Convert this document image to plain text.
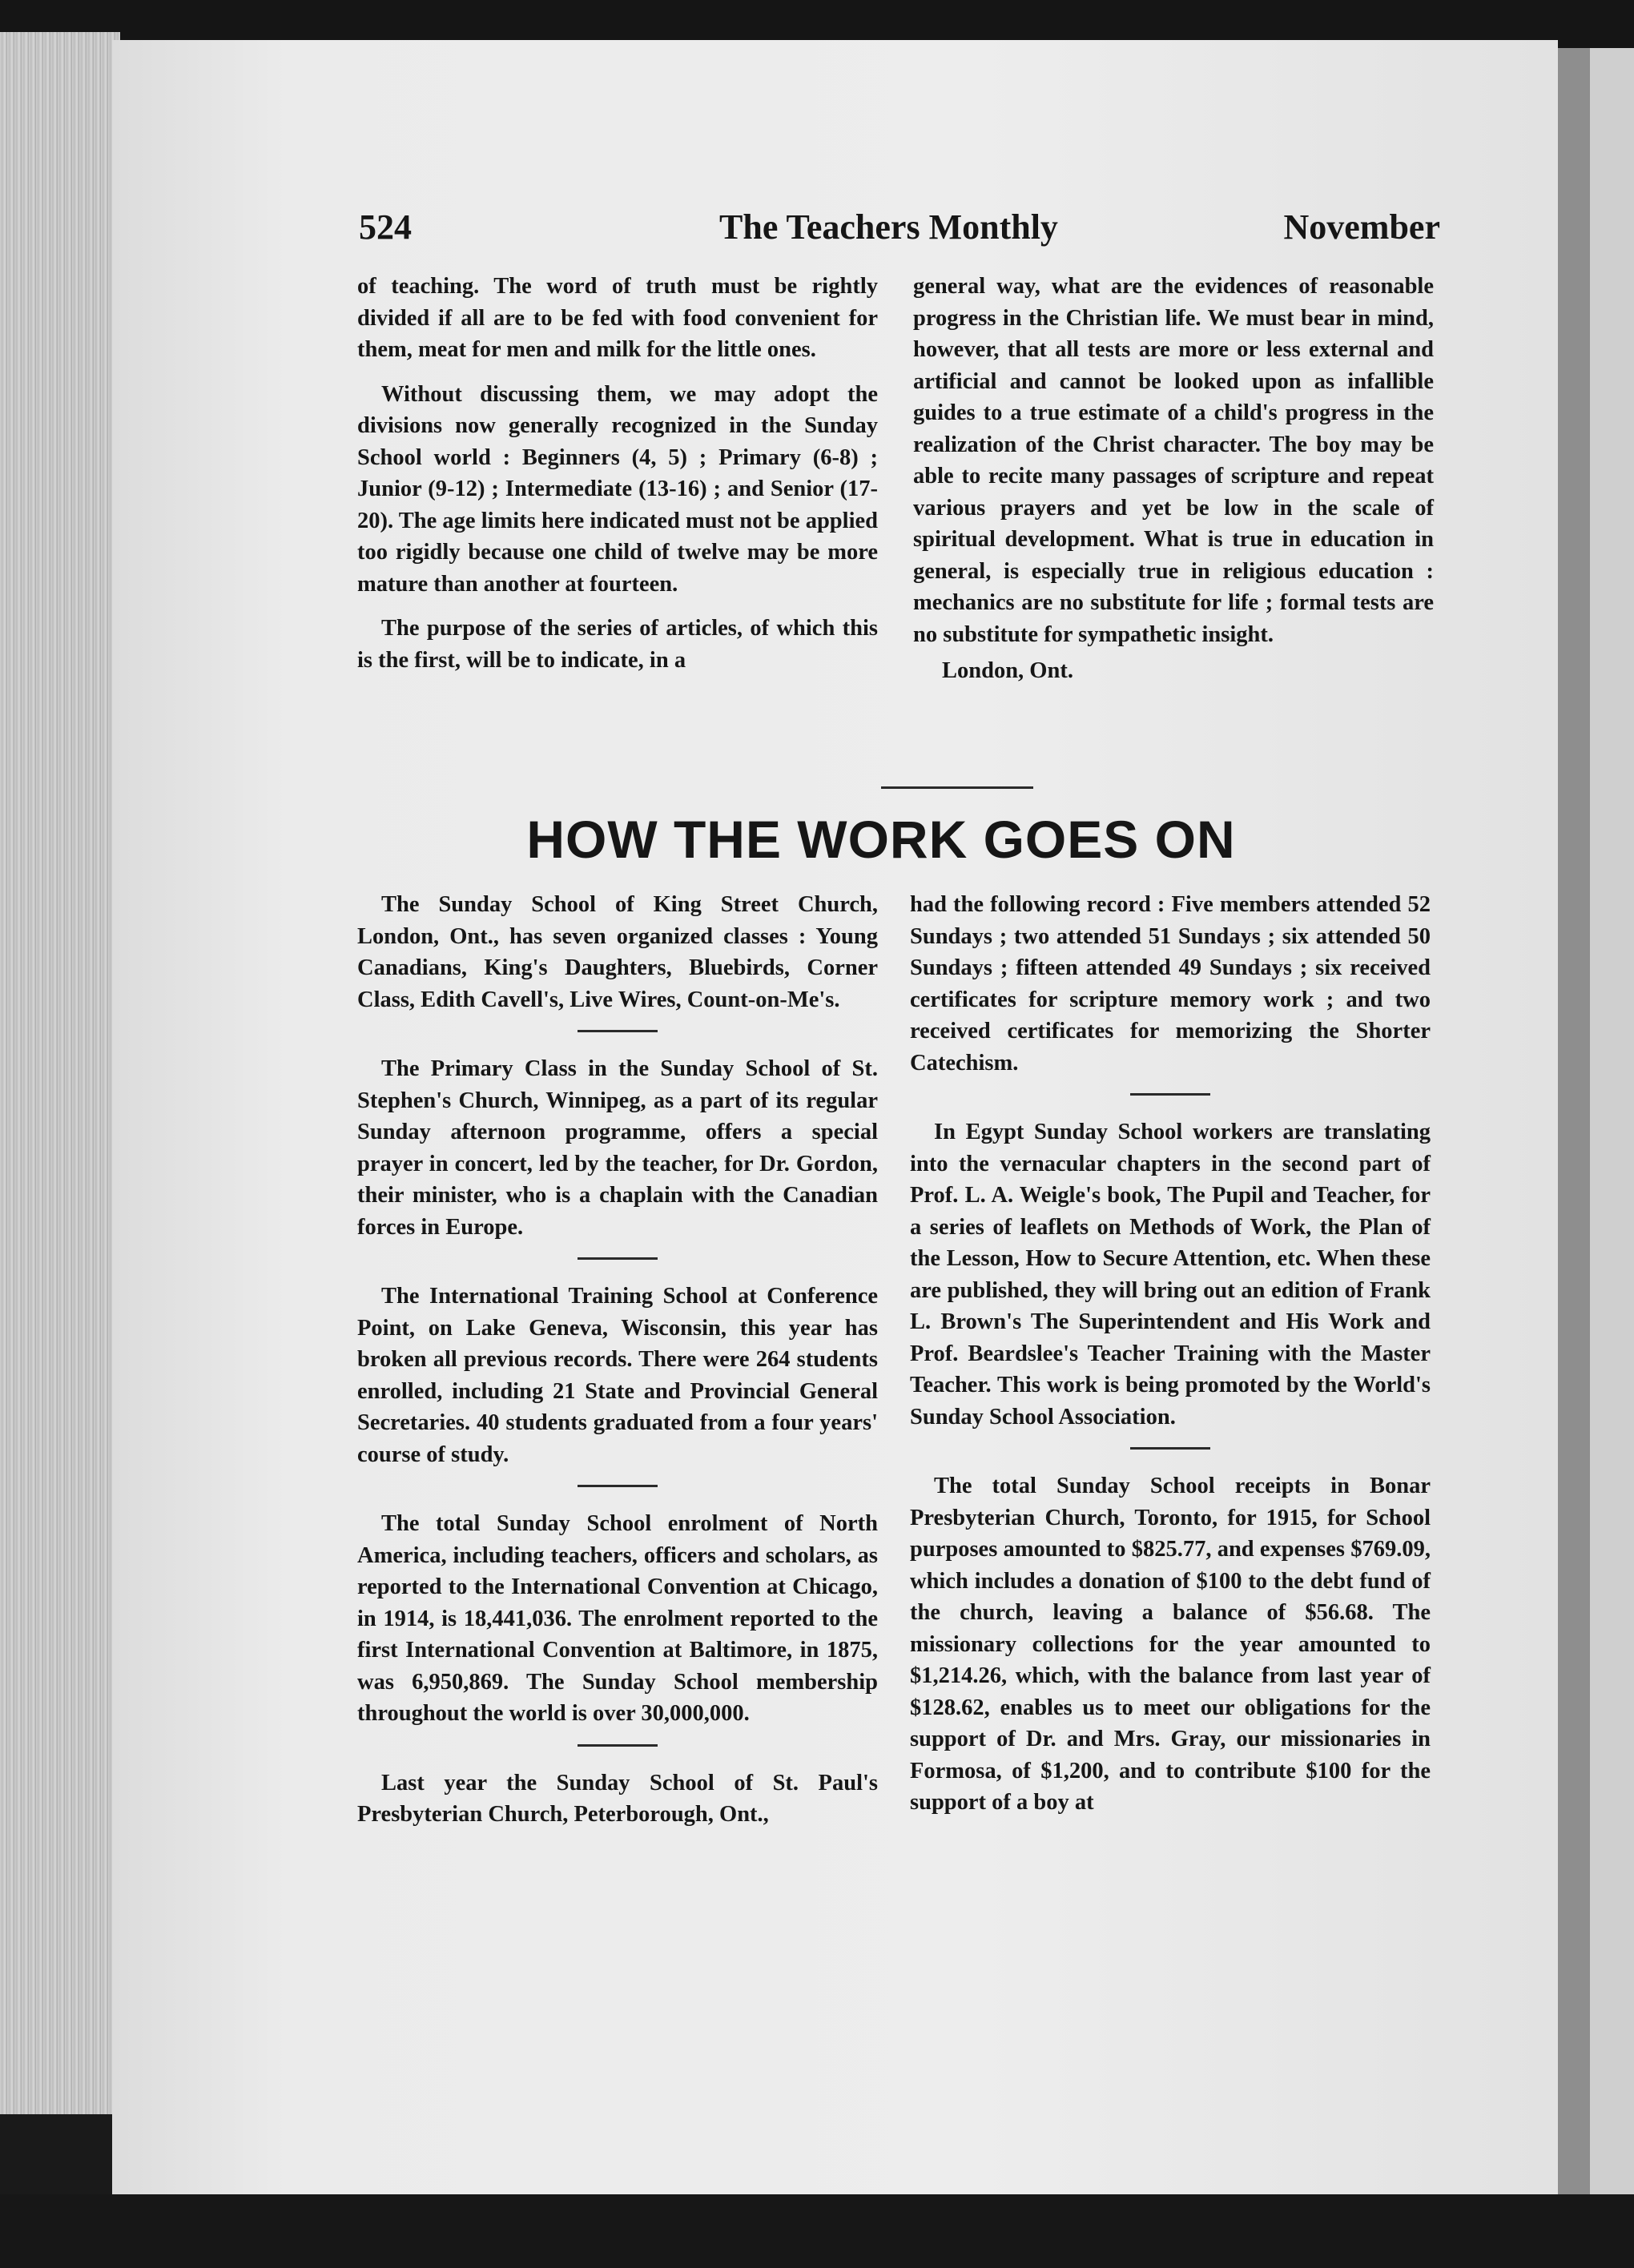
524	The Teachers Monthly	November

of teaching. The word of truth must be rightly divided if all are to be fed with food convenient for them, meat for men and milk for the little ones.

Without discussing them, we may adopt the divisions now generally recognized in the Sunday School world : Beginners (4, 5) ; Primary (6-8) ; Junior (9-12) ; Intermediate (13-16) ; and Senior (17-20). The age limits here indicated must not be applied too rigidly because one child of twelve may be more mature than another at fourteen.

The purpose of the series of articles, of which this is the first, will be to indicate, in a

general way, what are the evidences of reasonable progress in the Christian life. We must bear in mind, however, that all tests are more or less external and artificial and cannot be looked upon as infallible guides to a true estimate of a child's progress in the realization of the Christ character. The boy may be able to recite many passages of scripture and repeat various prayers and yet be low in the scale of spiritual development. What is true in education in general, is especially true in religious education : mechanics are no substitute for life ; formal tests are no substitute for sympathetic insight.

London, Ont.

HOW THE WORK GOES ON

The Sunday School of King Street Church, London, Ont., has seven organized classes : Young Canadians, King's Daughters, Bluebirds, Corner Class, Edith Cavell's, Live Wires, Count-on-Me's.

The Primary Class in the Sunday School of St. Stephen's Church, Winnipeg, as a part of its regular Sunday afternoon programme, offers a special prayer in concert, led by the teacher, for Dr. Gordon, their minister, who is a chaplain with the Canadian forces in Europe.

The International Training School at Conference Point, on Lake Geneva, Wisconsin, this year has broken all previous records. There were 264 students enrolled, including 21 State and Provincial General Secretaries. 40 students graduated from a four years' course of study.

The total Sunday School enrolment of North America, including teachers, officers and scholars, as reported to the International Convention at Chicago, in 1914, is 18,441,036. The enrolment reported to the first International Convention at Baltimore, in 1875, was 6,950,869. The Sunday School membership throughout the world is over 30,000,000.

Last year the Sunday School of St. Paul's Presbyterian Church, Peterborough, Ont.,

had the following record : Five members attended 52 Sundays ; two attended 51 Sundays ; six attended 50 Sundays ; fifteen attended 49 Sundays ; six received certificates for scripture memory work ; and two received certificates for memorizing the Shorter Catechism.

In Egypt Sunday School workers are translating into the vernacular chapters in the second part of Prof. L. A. Weigle's book, The Pupil and Teacher, for a series of leaflets on Methods of Work, the Plan of the Lesson, How to Secure Attention, etc. When these are published, they will bring out an edition of Frank L. Brown's The Superintendent and His Work and Prof. Beardslee's Teacher Training with the Master Teacher. This work is being promoted by the World's Sunday School Association.

The total Sunday School receipts in Bonar Presbyterian Church, Toronto, for 1915, for School purposes amounted to $825.77, and expenses $769.09, which includes a donation of $100 to the debt fund of the church, leaving a balance of $56.68. The missionary collections for the year amounted to $1,214.26, which, with the balance from last year of $128.62, enables us to meet our obligations for the support of Dr. and Mrs. Gray, our missionaries in Formosa, of $1,200, and to contribute $100 for the support of a boy at
